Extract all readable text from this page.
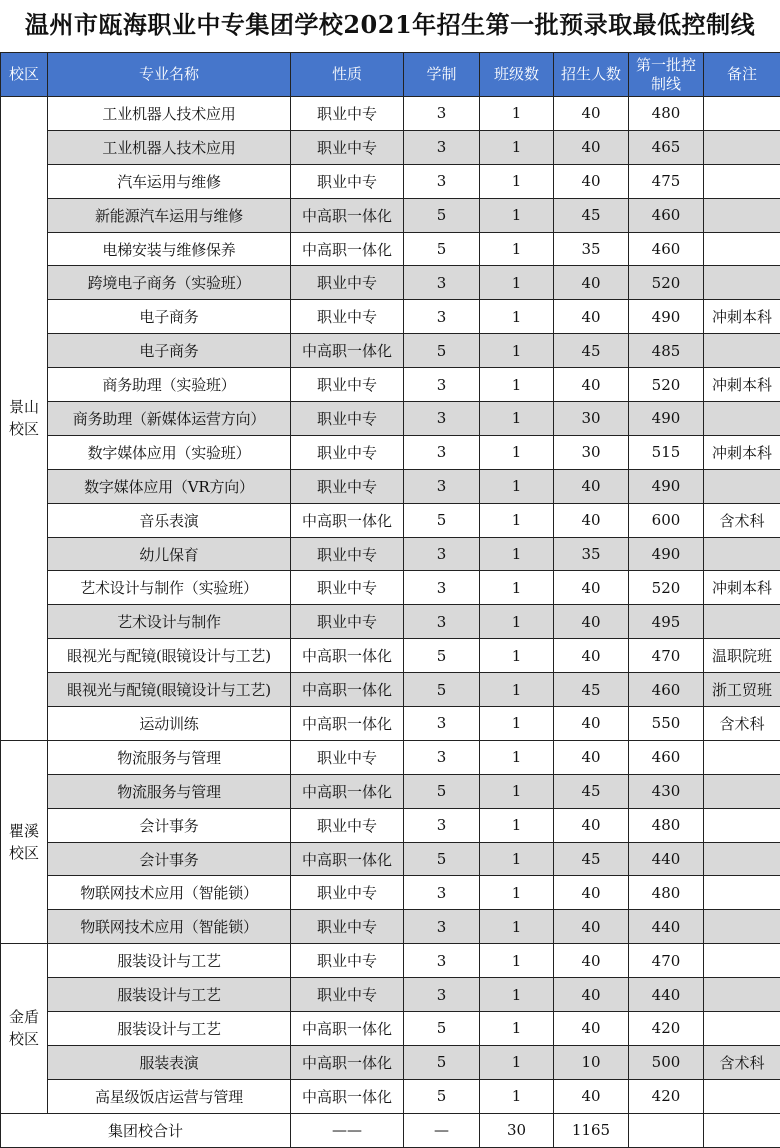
温州市瓯海职业中专集团学校2021年招生第一批预录取最低控制线
校区	专业名称	性质	学制	班级数	招生人数	第一批控制线	备注

景山
校区	工业机器人技术应用	职业中专	3	1	40	480	
	工业机器人技术应用	职业中专	3	1	40	465	
	汽车运用与维修	职业中专	3	1	40	475	
	新能源汽车运用与维修	中高职一体化	5	1	45	460	
	电梯安装与维修保养	中高职一体化	5	1	35	460	
	跨境电子商务（实验班）	职业中专	3	1	40	520	
	电子商务	职业中专	3	1	40	490	冲刺本科
	电子商务	中高职一体化	5	1	45	485	
	商务助理（实验班）	职业中专	3	1	40	520	冲刺本科
	商务助理（新媒体运营方向）	职业中专	3	1	30	490	
	数字媒体应用（实验班）	职业中专	3	1	30	515	冲刺本科
	数字媒体应用（VR方向）	职业中专	3	1	40	490	
	音乐表演	中高职一体化	5	1	40	600	含术科
	幼儿保育	职业中专	3	1	35	490	
	艺术设计与制作（实验班）	职业中专	3	1	40	520	冲刺本科
	艺术设计与制作	职业中专	3	1	40	495	
	眼视光与配镜(眼镜设计与工艺)	中高职一体化	5	1	40	470	温职院班
	眼视光与配镜(眼镜设计与工艺)	中高职一体化	5	1	45	460	浙工贸班
	运动训练	中高职一体化	3	1	40	550	含术科

瞿溪
校区	物流服务与管理	职业中专	3	1	40	460	
	物流服务与管理	中高职一体化	5	1	45	430	
	会计事务	职业中专	3	1	40	480	
	会计事务	中高职一体化	5	1	45	440	
	物联网技术应用（智能锁）	职业中专	3	1	40	480	
	物联网技术应用（智能锁）	职业中专	3	1	40	440	

金盾
校区	服装设计与工艺	职业中专	3	1	40	470	
	服装设计与工艺	职业中专	3	1	40	440	
	服装设计与工艺	中高职一体化	5	1	40	420	
	服装表演	中高职一体化	5	1	10	500	含术科
	高星级饭店运营与管理	中高职一体化	5	1	40	420	
集团校合计		——	—	30	1165		
